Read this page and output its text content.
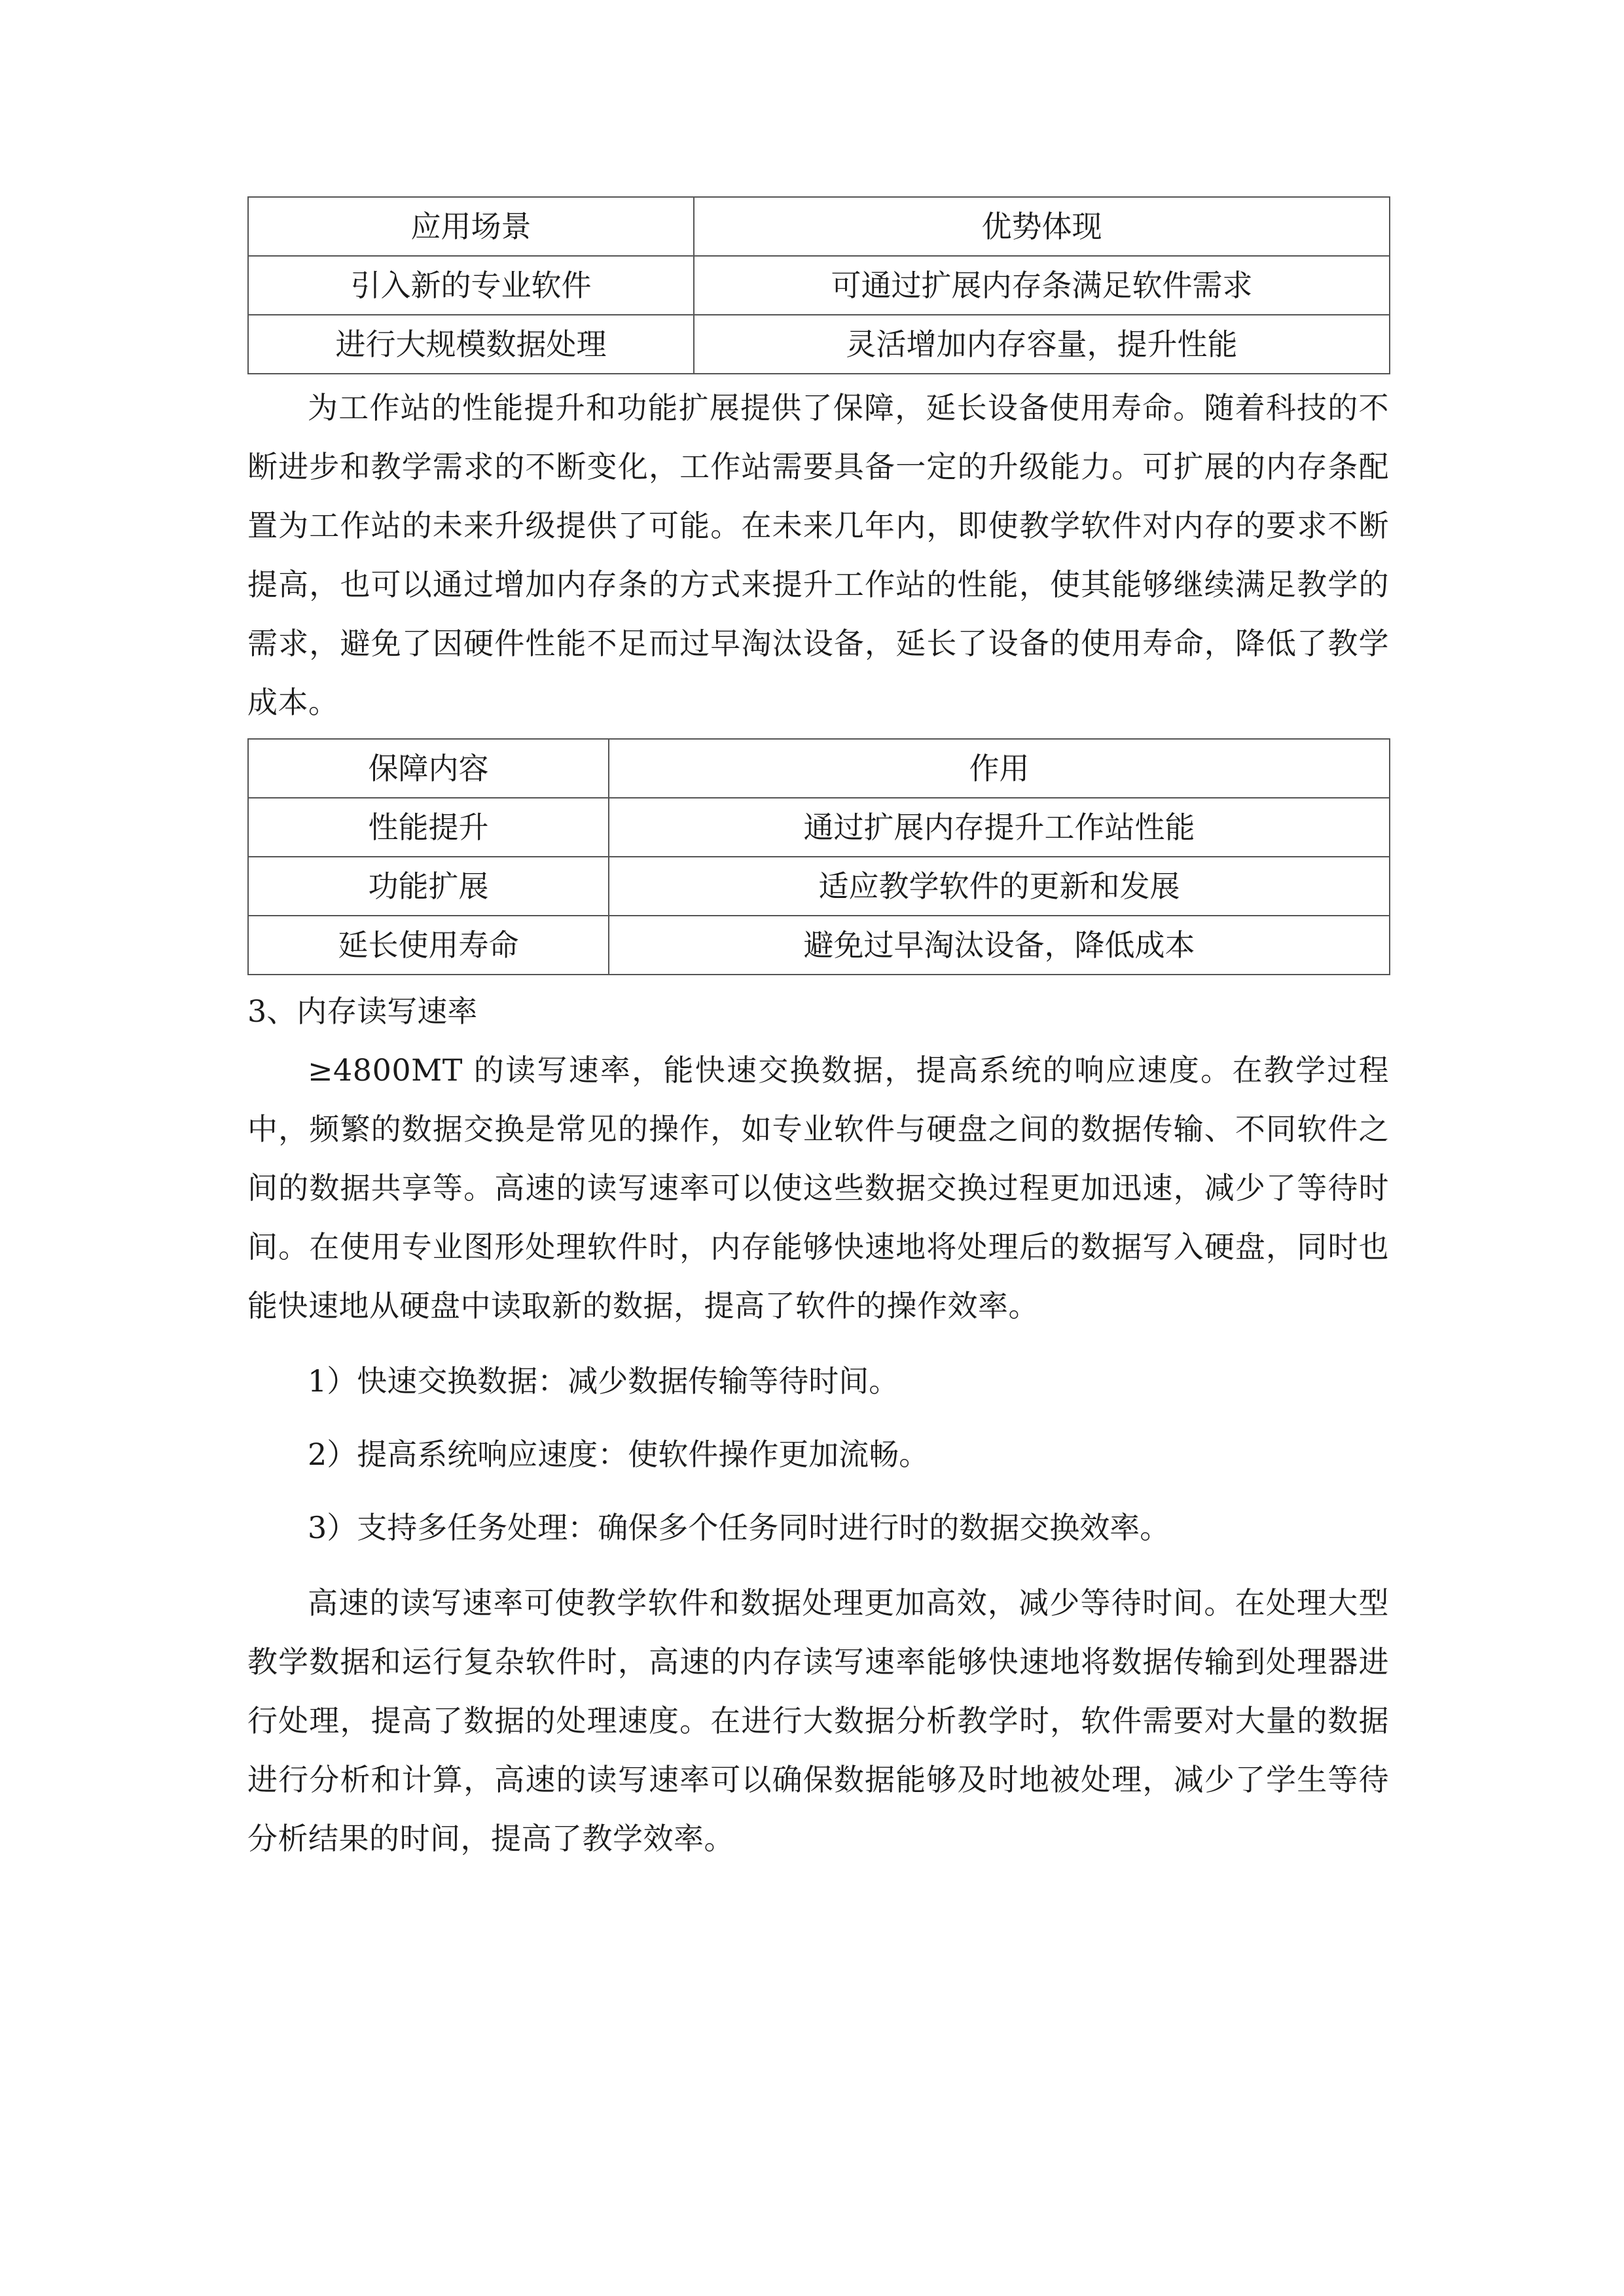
应用场景	优势体现
引入新的专业软件	可通过扩展内存条满足软件需求
进行大规模数据处理	灵活增加内存容量，提升性能

为工作站的性能提升和功能扩展提供了保障，延长设备使用寿命。随着科技的不断进步和教学需求的不断变化，工作站需要具备一定的升级能力。可扩展的内存条配置为工作站的未来升级提供了可能。在未来几年内，即使教学软件对内存的要求不断提高，也可以通过增加内存条的方式来提升工作站的性能，使其能够继续满足教学的需求，避免了因硬件性能不足而过早淘汰设备，延长了设备的使用寿命，降低了教学成本。

保障内容	作用
性能提升	通过扩展内存提升工作站性能
功能扩展	适应教学软件的更新和发展
延长使用寿命	避免过早淘汰设备，降低成本

3、内存读写速率

≥4800MT 的读写速率，能快速交换数据，提高系统的响应速度。在教学过程中，频繁的数据交换是常见的操作，如专业软件与硬盘之间的数据传输、不同软件之间的数据共享等。高速的读写速率可以使这些数据交换过程更加迅速，减少了等待时间。在使用专业图形处理软件时，内存能够快速地将处理后的数据写入硬盘，同时也能快速地从硬盘中读取新的数据，提高了软件的操作效率。

1）快速交换数据：减少数据传输等待时间。

2）提高系统响应速度：使软件操作更加流畅。

3）支持多任务处理：确保多个任务同时进行时的数据交换效率。

高速的读写速率可使教学软件和数据处理更加高效，减少等待时间。在处理大型教学数据和运行复杂软件时，高速的内存读写速率能够快速地将数据传输到处理器进行处理，提高了数据的处理速度。在进行大数据分析教学时，软件需要对大量的数据进行分析和计算，高速的读写速率可以确保数据能够及时地被处理，减少了学生等待分析结果的时间，提高了教学效率。
